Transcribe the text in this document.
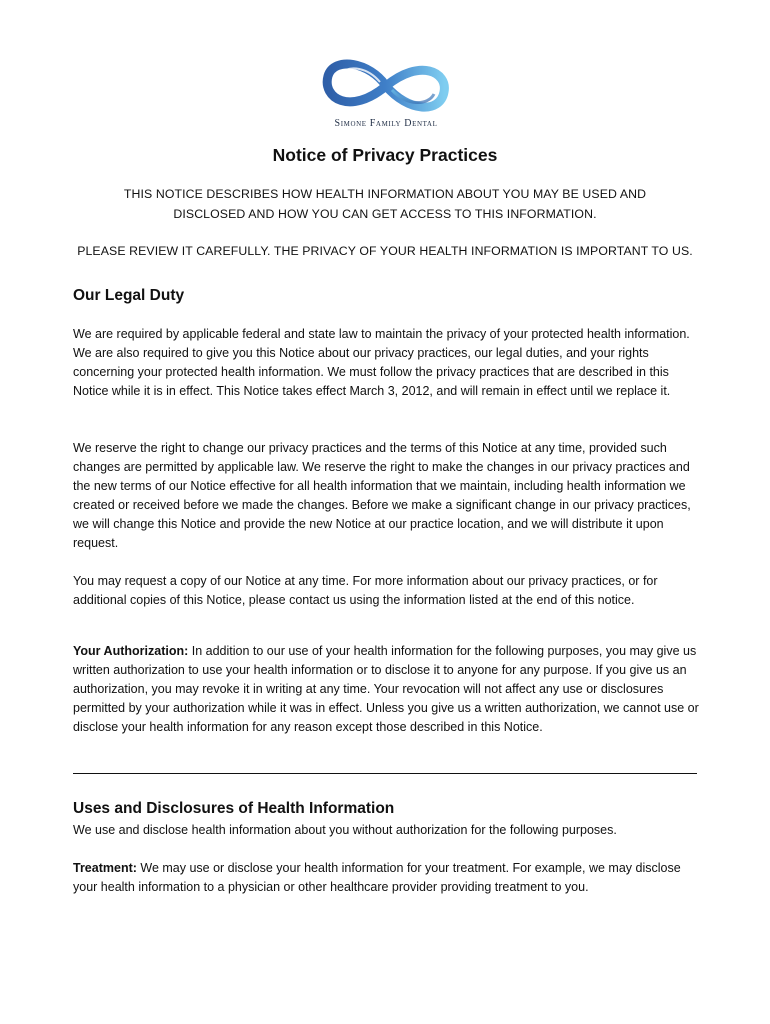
Simone Family Dental
Notice of Privacy Practices

THIS NOTICE DESCRIBES HOW HEALTH INFORMATION ABOUT YOU MAY BE USED AND

DISCLOSED AND HOW YOU CAN GET ACCESS TO THIS INFORMATION.

PLEASE REVIEW IT CAREFULLY. THE PRIVACY OF YOUR HEALTH INFORMATION IS IMPORTANT TO US.

Our Legal Duty

We are required by applicable federal and state law to maintain the privacy of your protected health information. We are also required to give you this Notice about our privacy practices, our legal duties, and your rights concerning your protected health information. We must follow the privacy practices that are described in this Notice while it is in effect. This Notice takes effect March 3, 2012, and will remain in effect until we replace it.

We reserve the right to change our privacy practices and the terms of this Notice at any time, provided such changes are permitted by applicable law. We reserve the right to make the changes in our privacy practices and the new terms of our Notice effective for all health information that we maintain, including health information we created or received before we made the changes. Before we make a significant change in our privacy practices, we will change this Notice and provide the new Notice at our practice location, and we will distribute it upon request.

You may request a copy of our Notice at any time. For more information about our privacy practices, or for additional copies of this Notice, please contact us using the information listed at the end of this notice.

Your Authorization: In addition to our use of your health information for the following purposes, you may give us written authorization to use your health information or to disclose it to anyone for any purpose. If you give us an authorization, you may revoke it in writing at any time. Your revocation will not affect any use or disclosures permitted by your authorization while it was in effect. Unless you give us a written authorization, we cannot use or disclose your health information for any reason except those described in this Notice.

Uses and Disclosures of Health Information

We use and disclose health information about you without authorization for the following purposes.

Treatment: We may use or disclose your health information for your treatment. For example, we may disclose your health information to a physician or other healthcare provider providing treatment to you.
